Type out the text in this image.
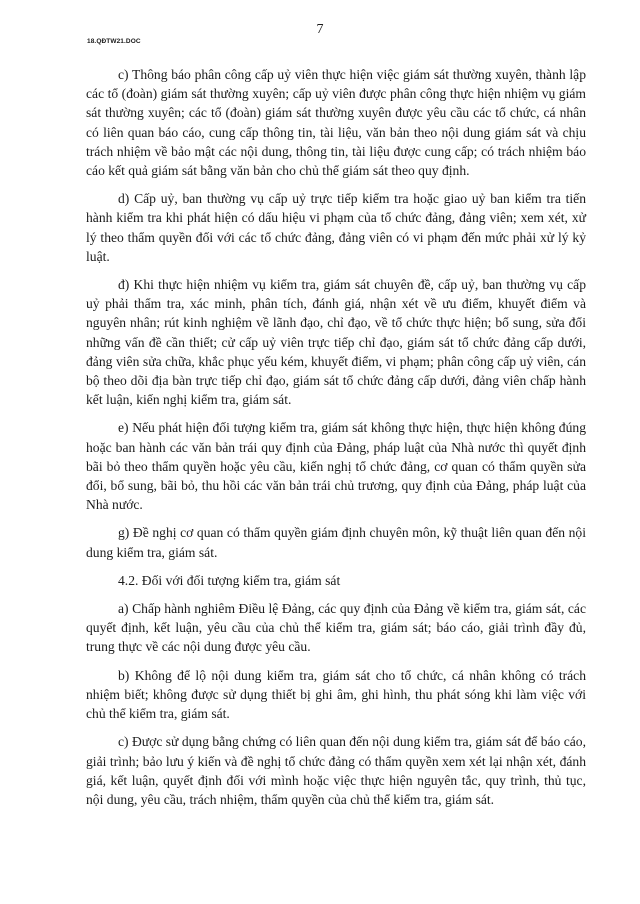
18.QĐTW21.DOC
7

c) Thông báo phân công cấp uỷ viên thực hiện việc giám sát thường xuyên, thành lập các tổ (đoàn) giám sát thường xuyên; cấp uỷ viên được phân công thực hiện nhiệm vụ giám sát thường xuyên; các tổ (đoàn) giám sát thường xuyên được yêu cầu các tổ chức, cá nhân có liên quan báo cáo, cung cấp thông tin, tài liệu, văn bản theo nội dung giám sát và chịu trách nhiệm về bảo mật các nội dung, thông tin, tài liệu được cung cấp; có trách nhiệm báo cáo kết quả giám sát bằng văn bản cho chủ thể giám sát theo quy định.

d) Cấp uỷ, ban thường vụ cấp uỷ trực tiếp kiểm tra hoặc giao uỷ ban kiểm tra tiến hành kiểm tra khi phát hiện có dấu hiệu vi phạm của tổ chức đảng, đảng viên; xem xét, xử lý theo thẩm quyền đối với các tổ chức đảng, đảng viên có vi phạm đến mức phải xử lý kỷ luật.

đ) Khi thực hiện nhiệm vụ kiểm tra, giám sát chuyên đề, cấp uỷ, ban thường vụ cấp uỷ phải thẩm tra, xác minh, phân tích, đánh giá, nhận xét về ưu điểm, khuyết điểm và nguyên nhân; rút kinh nghiệm về lãnh đạo, chỉ đạo, về tổ chức thực hiện; bổ sung, sửa đổi những vấn đề cần thiết; cử cấp uỷ viên trực tiếp chỉ đạo, giám sát tổ chức đảng cấp dưới, đảng viên sửa chữa, khắc phục yếu kém, khuyết điểm, vi phạm; phân công cấp uỷ viên, cán bộ theo dõi địa bàn trực tiếp chỉ đạo, giám sát tổ chức đảng cấp dưới, đảng viên chấp hành kết luận, kiến nghị kiểm tra, giám sát.

e) Nếu phát hiện đối tượng kiểm tra, giám sát không thực hiện, thực hiện không đúng hoặc ban hành các văn bản trái quy định của Đảng, pháp luật của Nhà nước thì quyết định bãi bỏ theo thẩm quyền hoặc yêu cầu, kiến nghị tổ chức đảng, cơ quan có thẩm quyền sửa đổi, bổ sung, bãi bỏ, thu hồi các văn bản trái chủ trương, quy định của Đảng, pháp luật của Nhà nước.

g) Đề nghị cơ quan có thẩm quyền giám định chuyên môn, kỹ thuật liên quan đến nội dung kiểm tra, giám sát.

4.2. Đối với đối tượng kiểm tra, giám sát

a) Chấp hành nghiêm Điều lệ Đảng, các quy định của Đảng về kiểm tra, giám sát, các quyết định, kết luận, yêu cầu của chủ thể kiểm tra, giám sát; báo cáo, giải trình đầy đủ, trung thực về các nội dung được yêu cầu.

b) Không để lộ nội dung kiểm tra, giám sát cho tổ chức, cá nhân không có trách nhiệm biết; không được sử dụng thiết bị ghi âm, ghi hình, thu phát sóng khi làm việc với chủ thể kiểm tra, giám sát.

c) Được sử dụng bằng chứng có liên quan đến nội dung kiểm tra, giám sát để báo cáo, giải trình; bảo lưu ý kiến và đề nghị tổ chức đảng có thẩm quyền xem xét lại nhận xét, đánh giá, kết luận, quyết định đối với mình hoặc việc thực hiện nguyên tắc, quy trình, thủ tục, nội dung, yêu cầu, trách nhiệm, thẩm quyền của chủ thể kiểm tra, giám sát.
